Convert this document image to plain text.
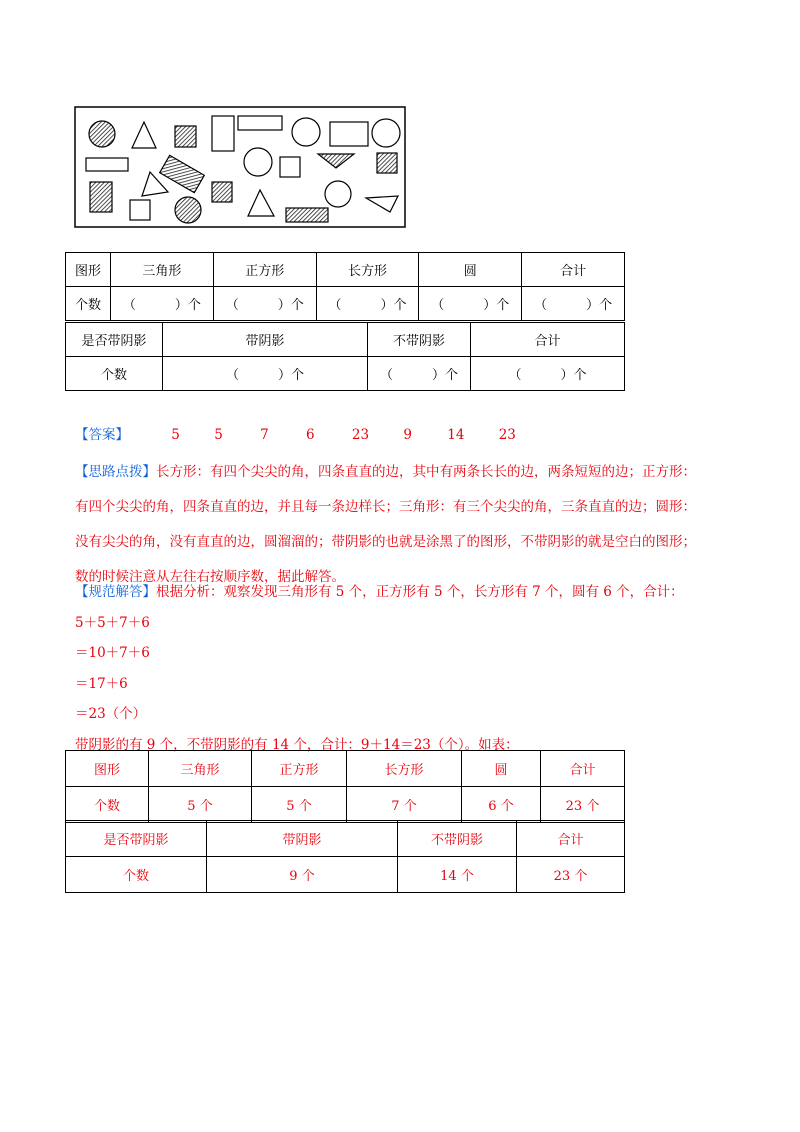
图形	三角形	正方形	长方形	圆	合计
个数	（　　　）个	（　　　）个	（　　　）个	（　　　）个	（　　　）个
是否带阴影	带阴影	不带阴影	合计
个数	（　　　）个	（　　　）个	（　　　）个
【答案】	5	5	7	6	23	9	14	23
【思路点拨】长方形：有四个尖尖的角，四条直直的边，其中有两条长长的边，两条短短的边；正方形：
有四个尖尖的角，四条直直的边，并且每一条边样长；三角形：有三个尖尖的角，三条直直的边；圆形：
没有尖尖的角，没有直直的边，圆溜溜的；带阴影的也就是涂黑了的图形，不带阴影的就是空白的图形；
数的时候注意从左往右按顺序数，据此解答。
【规范解答】根据分析：观察发现三角形有 5 个，正方形有 5 个，长方形有 7 个，圆有 6 个，合计：
5＋5＋7＋6
＝10＋7＋6
＝17＋6
＝23（个）
带阴影的有 9 个，不带阴影的有 14 个，合计：9＋14＝23（个）。如表：
图形	三角形	正方形	长方形	圆	合计
个数	5 个	5 个	7 个	6 个	23 个
是否带阴影	带阴影	不带阴影	合计
个数	9 个	14 个	23 个
